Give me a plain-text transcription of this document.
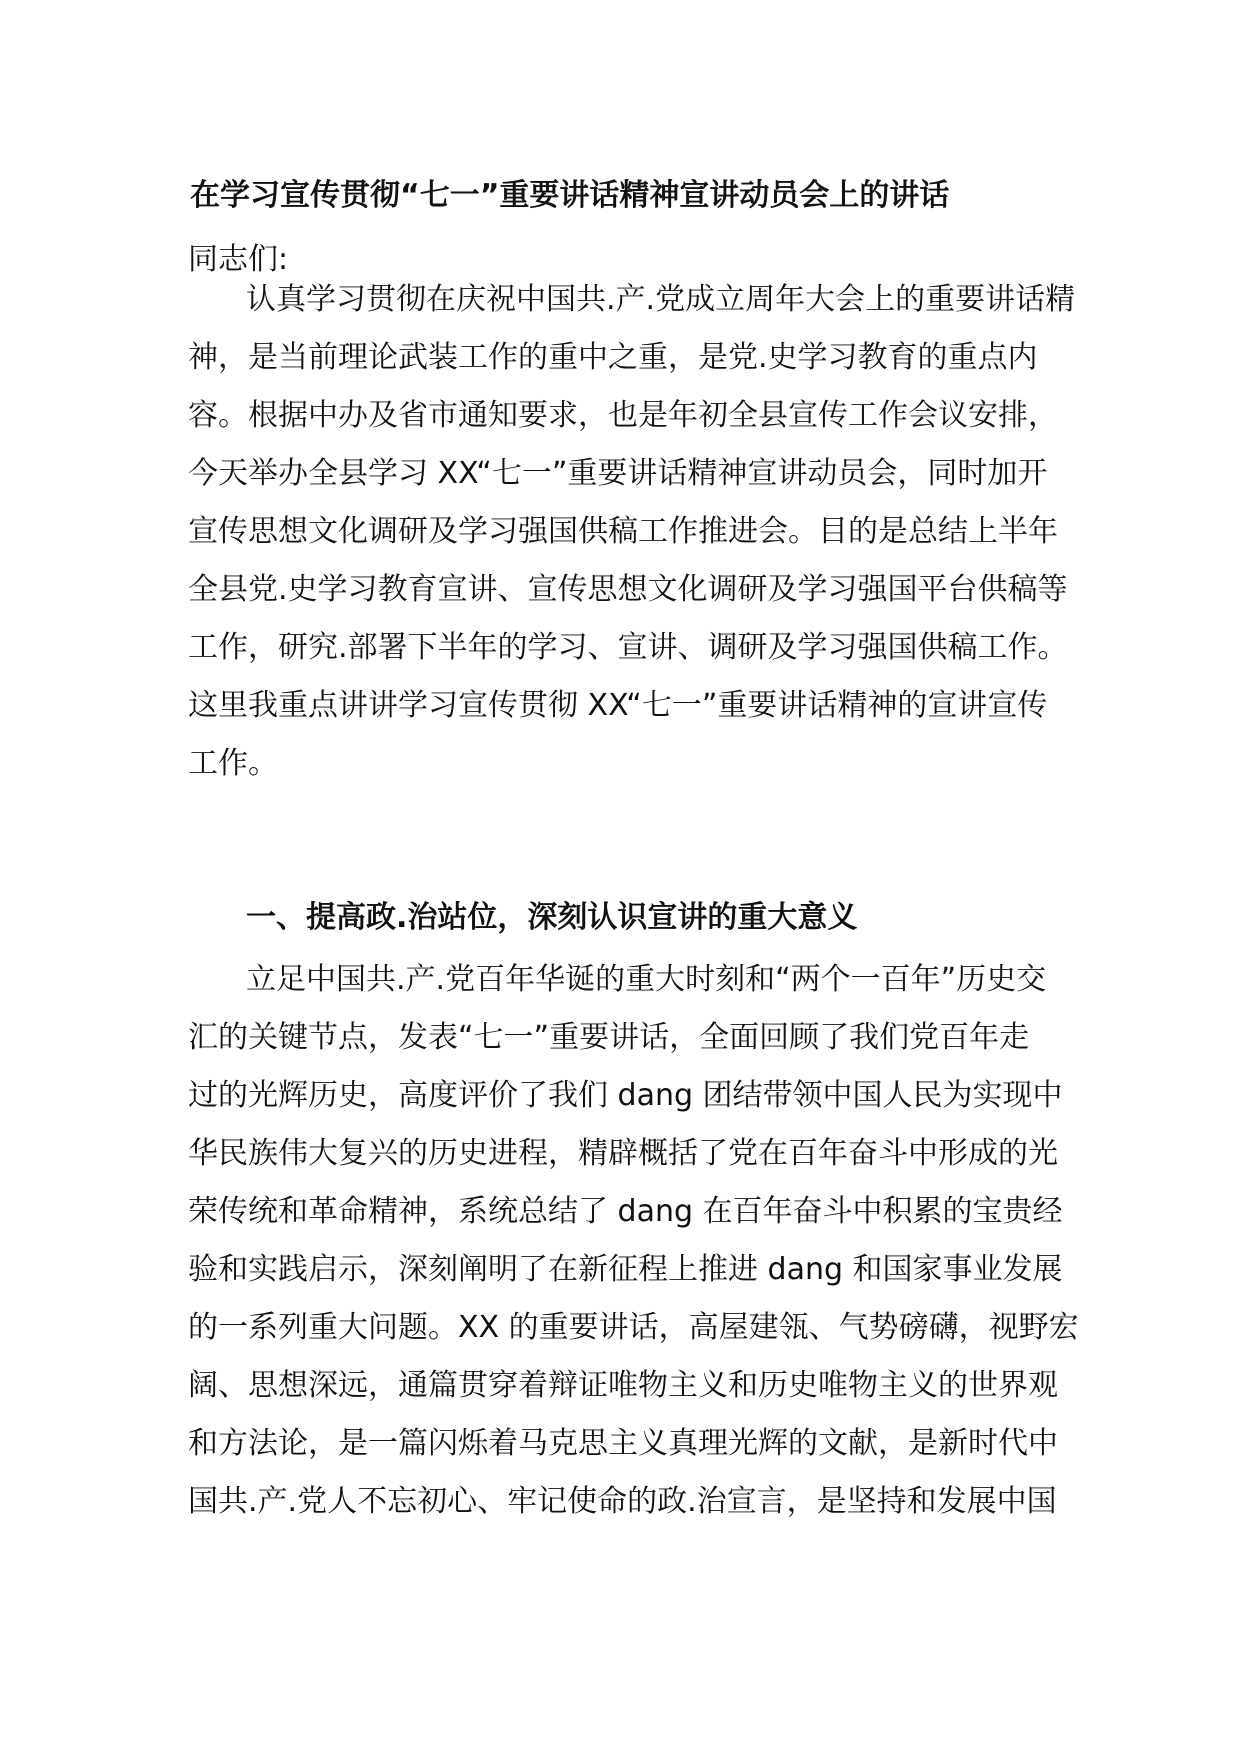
在学习宣传贯彻“七一”重要讲话精神宣讲动员会上的讲话
同志们:
认真学习贯彻在庆祝中国共.产.党成立周年大会上的重要讲话精
神，是当前理论武装工作的重中之重，是党.史学习教育的重点内
容。根据中办及省市通知要求，也是年初全县宣传工作会议安排，
今天举办全县学习 XX“七一”重要讲话精神宣讲动员会，同时加开
宣传思想文化调研及学习强国供稿工作推进会。目的是总结上半年
全县党.史学习教育宣讲、宣传思想文化调研及学习强国平台供稿等
工作，研究.部署下半年的学习、宣讲、调研及学习强国供稿工作。
这里我重点讲讲学习宣传贯彻 XX“七一”重要讲话精神的宣讲宣传
工作。
一、提高政.治站位，深刻认识宣讲的重大意义
立足中国共.产.党百年华诞的重大时刻和“两个一百年”历史交
汇的关键节点，发表“七一”重要讲话，全面回顾了我们党百年走
过的光辉历史，高度评价了我们 dang 团结带领中国人民为实现中
华民族伟大复兴的历史进程，精辟概括了党在百年奋斗中形成的光
荣传统和革命精神，系统总结了 dang 在百年奋斗中积累的宝贵经
验和实践启示，深刻阐明了在新征程上推进 dang 和国家事业发展
的一系列重大问题。XX 的重要讲话，高屋建瓴、气势磅礴，视野宏
阔、思想深远，通篇贯穿着辩证唯物主义和历史唯物主义的世界观
和方法论，是一篇闪烁着马克思主义真理光辉的文献，是新时代中
国共.产.党人不忘初心、牢记使命的政.治宣言，是坚持和发展中国
